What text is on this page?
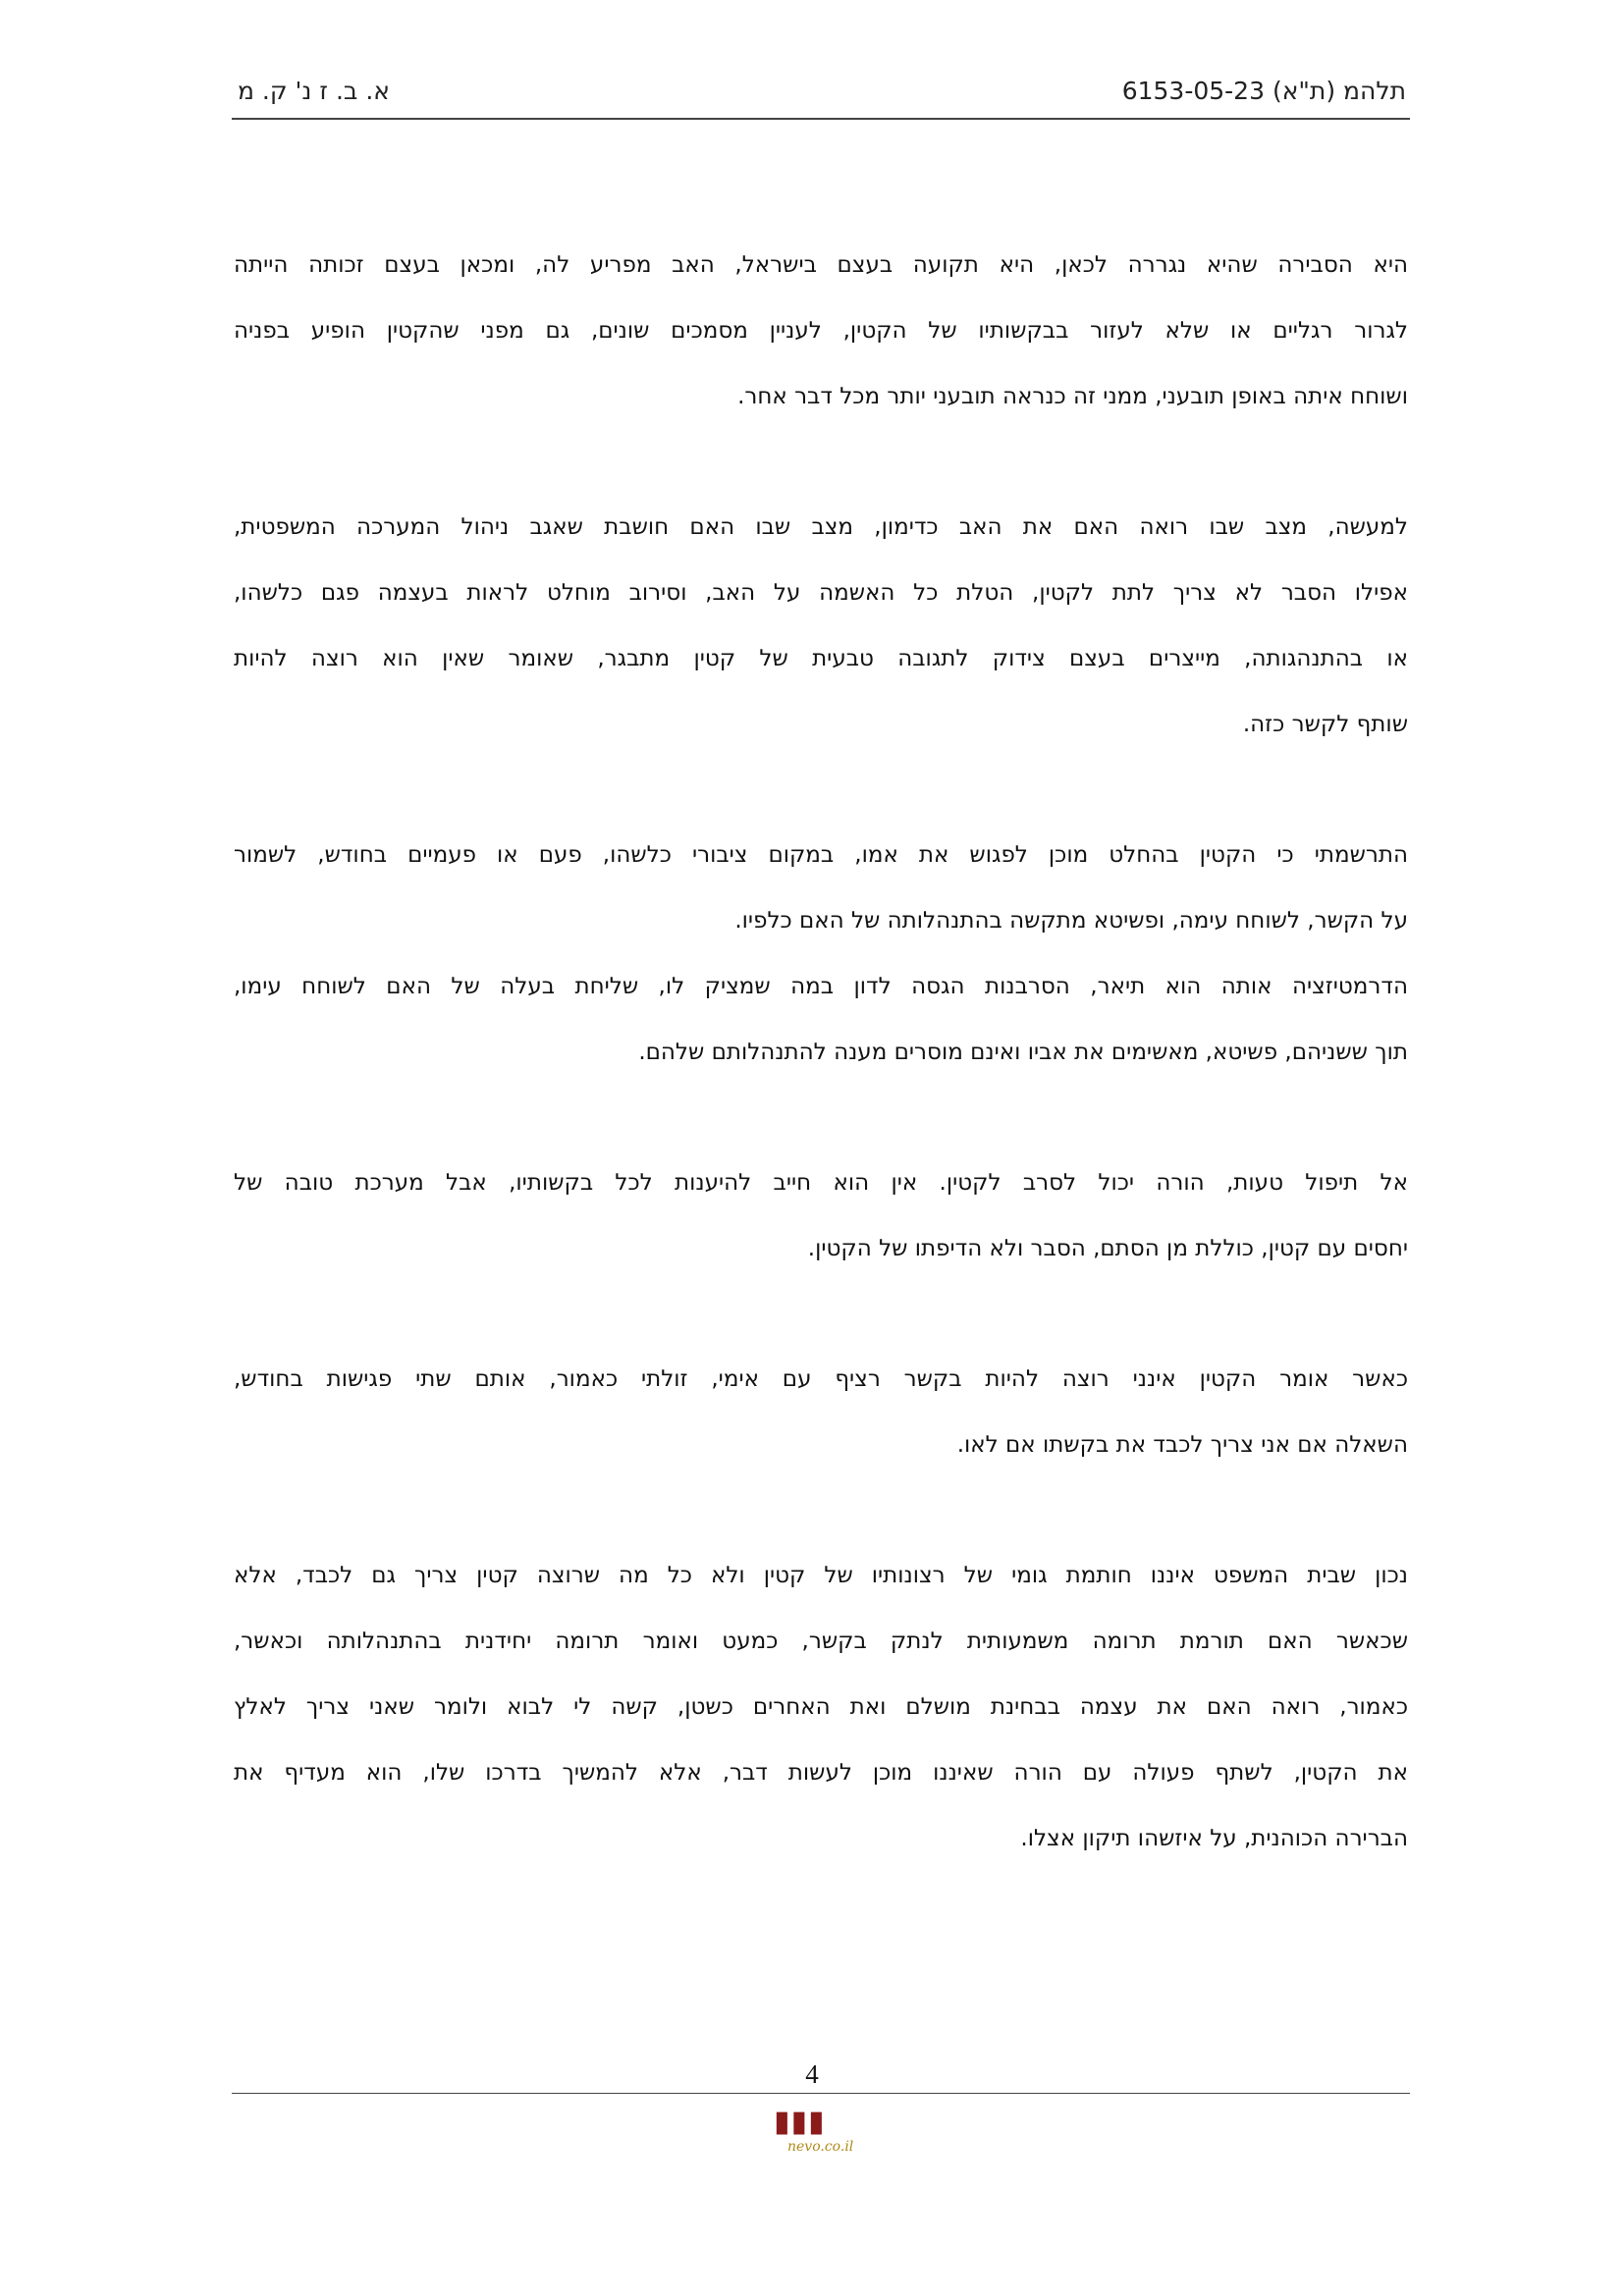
תלהמ (ת"א) 6153-05-23
א. ב. ז נ' ק. מ
היא הסבירה שהיא נגררה לכאן, היא תקועה בעצם בישראל, האב מפריע לה, ומכאן בעצם זכותה הייתה
לגרור רגליים או שלא לעזור בבקשותיו של הקטין, לעניין מסמכים שונים, גם מפני שהקטין הופיע בפניה
ושוחח איתה באופן תובעני, ממני זה כנראה תובעני יותר מכל דבר אחר.
למעשה, מצב שבו רואה האם את האב כדימון, מצב שבו האם חושבת שאגב ניהול המערכה המשפטית,
אפילו הסבר לא צריך לתת לקטין, הטלת כל האשמה על האב, וסירוב מוחלט לראות בעצמה פגם כלשהו,
או בהתנהגותה, מייצרים בעצם צידוק לתגובה טבעית של קטין מתבגר, שאומר שאין הוא רוצה להיות
שותף לקשר כזה.
התרשמתי כי הקטין בהחלט מוכן לפגוש את אמו, במקום ציבורי כלשהו, פעם או פעמיים בחודש, לשמור
על הקשר, לשוחח עימה, ופשיטא מתקשה בהתנהלותה של האם כלפיו.
הדרמטיזציה אותה הוא תיאר, הסרבנות הגסה לדון במה שמציק לו, שליחת בעלה של האם לשוחח עימו,
תוך ששניהם, פשיטא, מאשימים את אביו ואינם מוסרים מענה להתנהלותם שלהם.
אל תיפול טעות, הורה יכול לסרב לקטין. אין הוא חייב להיענות לכל בקשותיו, אבל מערכת טובה של
יחסים עם קטין, כוללת מן הסתם, הסבר ולא הדיפתו של הקטין.
כאשר אומר הקטין אינני רוצה להיות בקשר רציף עם אימי, זולתי כאמור, אותם שתי פגישות בחודש,
השאלה אם אני צריך לכבד את בקשתו אם לאו.
נכון שבית המשפט איננו חותמת גומי של רצונותיו של קטין ולא כל מה שרוצה קטין צריך גם לכבד, אלא
שכאשר האם תורמת תרומה משמעותית לנתק בקשר, כמעט ואומר תרומה יחידנית בהתנהלותה וכאשר,
כאמור, רואה האם את עצמה בבחינת מושלם ואת האחרים כשטן, קשה לי לבוא ולומר שאני צריך לאלץ
את הקטין, לשתף פעולה עם הורה שאיננו מוכן לעשות דבר, אלא להמשיך בדרכו שלו, הוא מעדיף את
הברירה הכוהנית, על איזשהו תיקון אצלו.
4
▮▮▮
nevo.co.il
